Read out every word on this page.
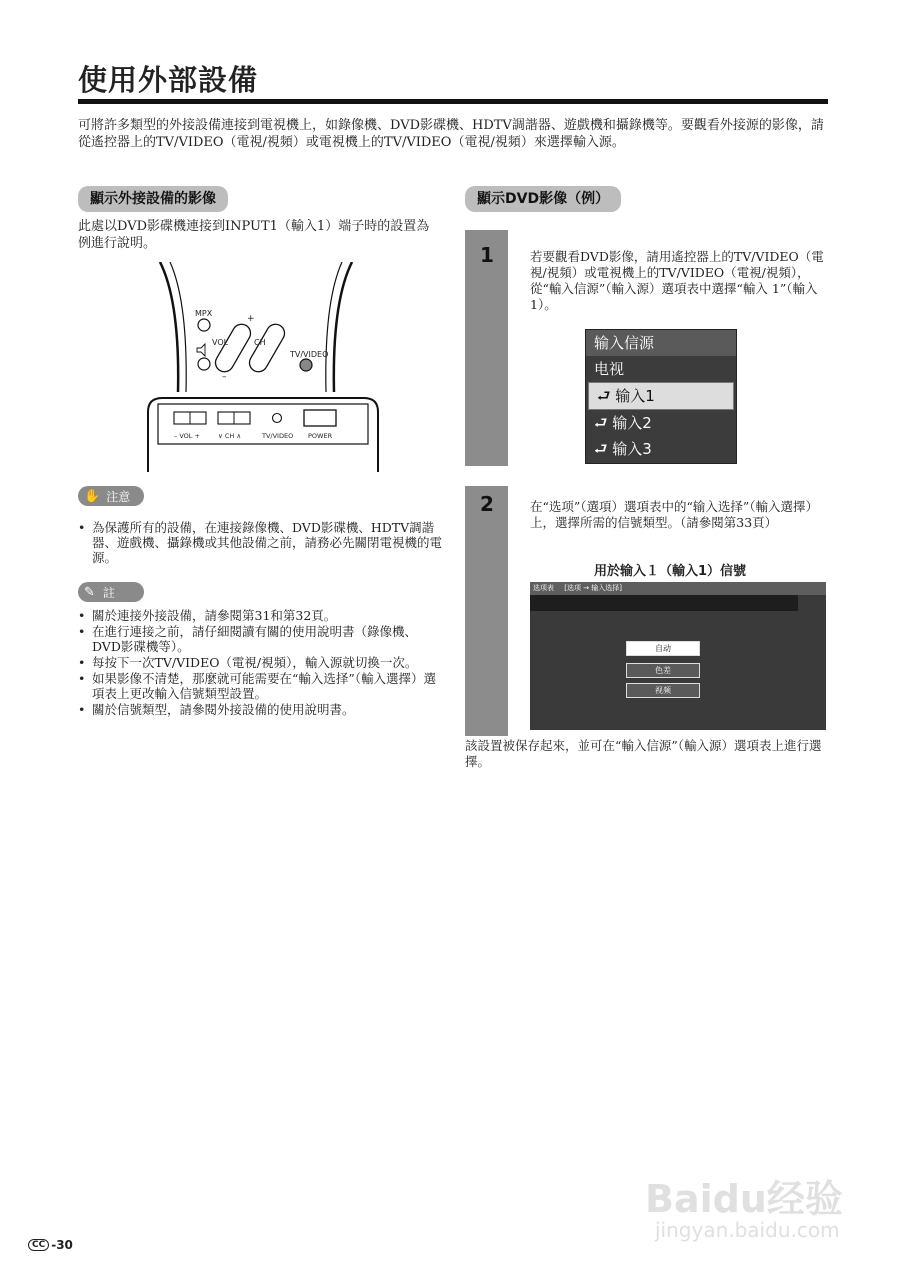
使用外部設備
可將許多類型的外接設備連接到電視機上，如錄像機、DVD影碟機、HDTV調諧器、遊戲機和攝錄機等。要觀看外接源的影像，請從遙控器上的TV/VIDEO（電視/視頻）或電視機上的TV/VIDEO（電視/視頻）來選擇輸入源。
顯示外接設備的影像
此處以DVD影碟機連接到INPUT1（輸入1）端子時的設置為例進行說明。
MPX
VOL	CH
TV/VIDEO
+
–
– VOL +	∨ CH ∧	TV/VIDEO POWER
✋ 注意
• 為保護所有的設備，在連接錄像機、DVD影碟機、HDTV調諧器、遊戲機、攝錄機或其他設備之前，請務必先關閉電視機的電源。
✎ 註
• 關於連接外接設備，請參閱第31和第32頁。
• 在進行連接之前，請仔細閱讀有關的使用說明書（錄像機、DVD影碟機等）。
• 每按下一次TV/VIDEO（電視/視頻），輸入源就切換一次。
• 如果影像不清楚，那麼就可能需要在“輸入选择”（輸入選擇）選項表上更改輸入信號類型設置。
• 關於信號類型，請參閱外接設備的使用說明書。
顯示DVD影像（例）
1	若要觀看DVD影像，請用遙控器上的TV/VIDEO（電視/視頻）或電視機上的TV/VIDEO（電視/視頻），從“輸入信源”（輸入源）選項表中選擇“輸入 1”（輸入1）。
输入信源
电视
⮐ 输入1
⮐ 输入2
⮐ 输入3
2	在“选项”（選項）選項表中的“输入选择”（輸入選擇）上，選擇所需的信號類型。（請參閱第33頁）
用於输入１（輸入1）信號
选项表 [选项 → 输入选择]
自动
色差
视频
該設置被保存起來，並可在“輸入信源”（輸入源）選項表上進行選擇。
Baidu经验
jingyan.baidu.com
CC -30
